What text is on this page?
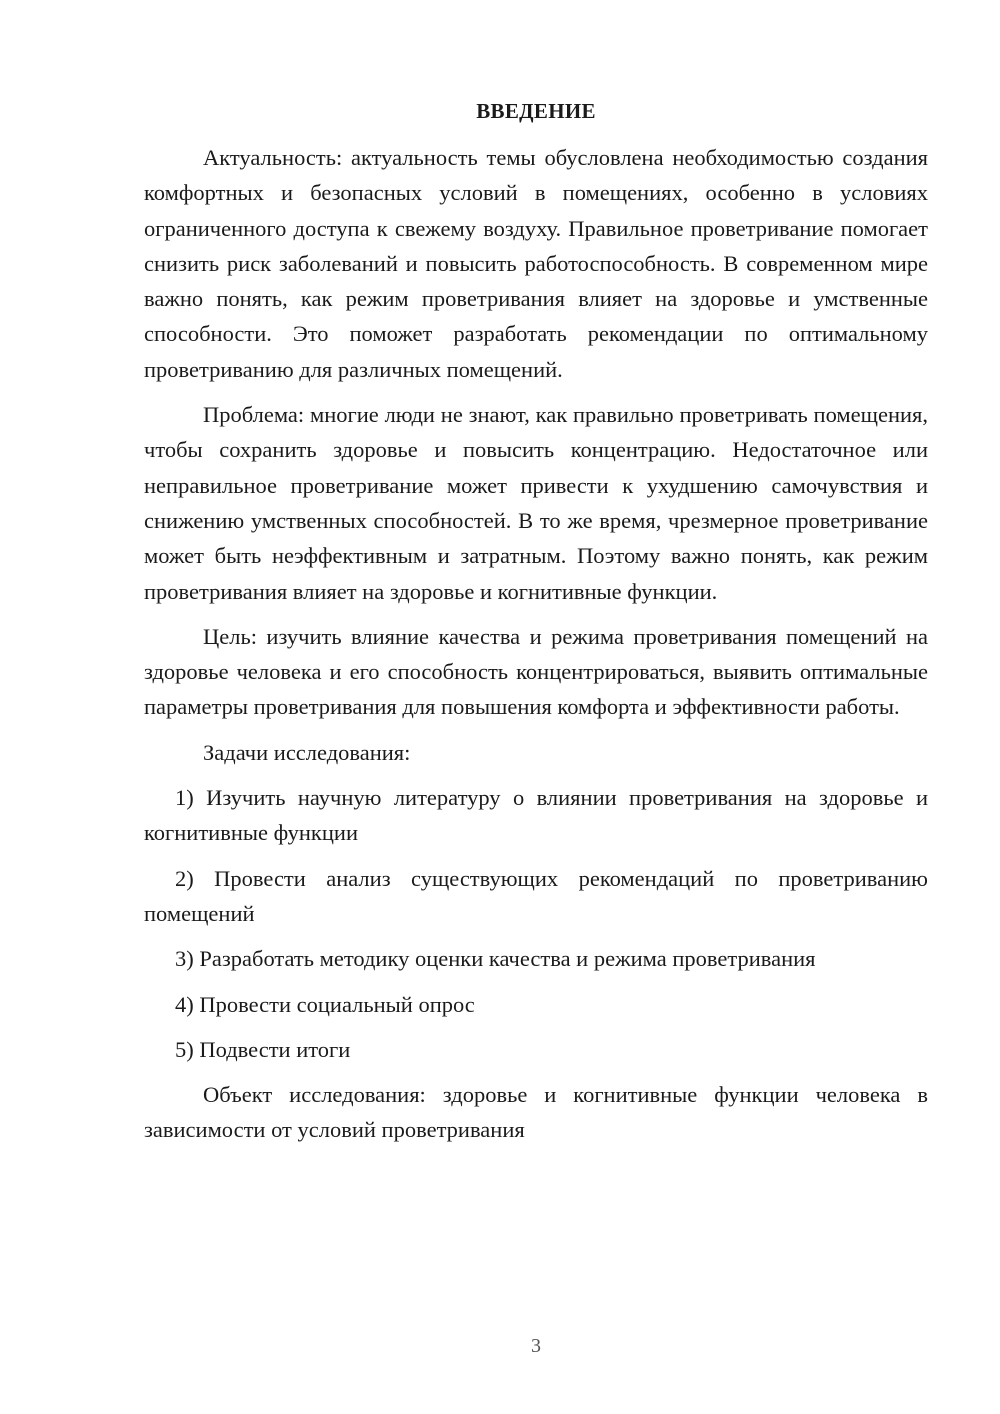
ВВЕДЕНИЕ

Актуальность: актуальность темы обусловлена необходимостью создания комфортных и безопасных условий в помещениях, особенно в условиях ограниченного доступа к свежему воздуху. Правильное проветривание помогает снизить риск заболеваний и повысить работоспособность. В современном мире важно понять, как режим проветривания влияет на здоровье и умственные способности. Это поможет разработать рекомендации по оптимальному проветриванию для различных помещений.

Проблема: многие люди не знают, как правильно проветривать помещения, чтобы сохранить здоровье и повысить концентрацию. Недостаточное или неправильное проветривание может привести к ухудшению самочувствия и снижению умственных способностей. В то же время, чрезмерное проветривание может быть неэффективным и затратным. Поэтому важно понять, как режим проветривания влияет на здоровье и когнитивные функции.

Цель: изучить влияние качества и режима проветривания помещений на здоровье человека и его способность концентрироваться, выявить оптимальные параметры проветривания для повышения комфорта и эффективности работы.

Задачи исследования:

1) Изучить научную литературу о влиянии проветривания на здоровье и когнитивные функции

2) Провести анализ существующих рекомендаций по проветриванию помещений

3) Разработать методику оценки качества и режима проветривания

4) Провести социальный опрос

5) Подвести итоги

Объект исследования: здоровье и когнитивные функции человека в зависимости от условий проветривания

3
